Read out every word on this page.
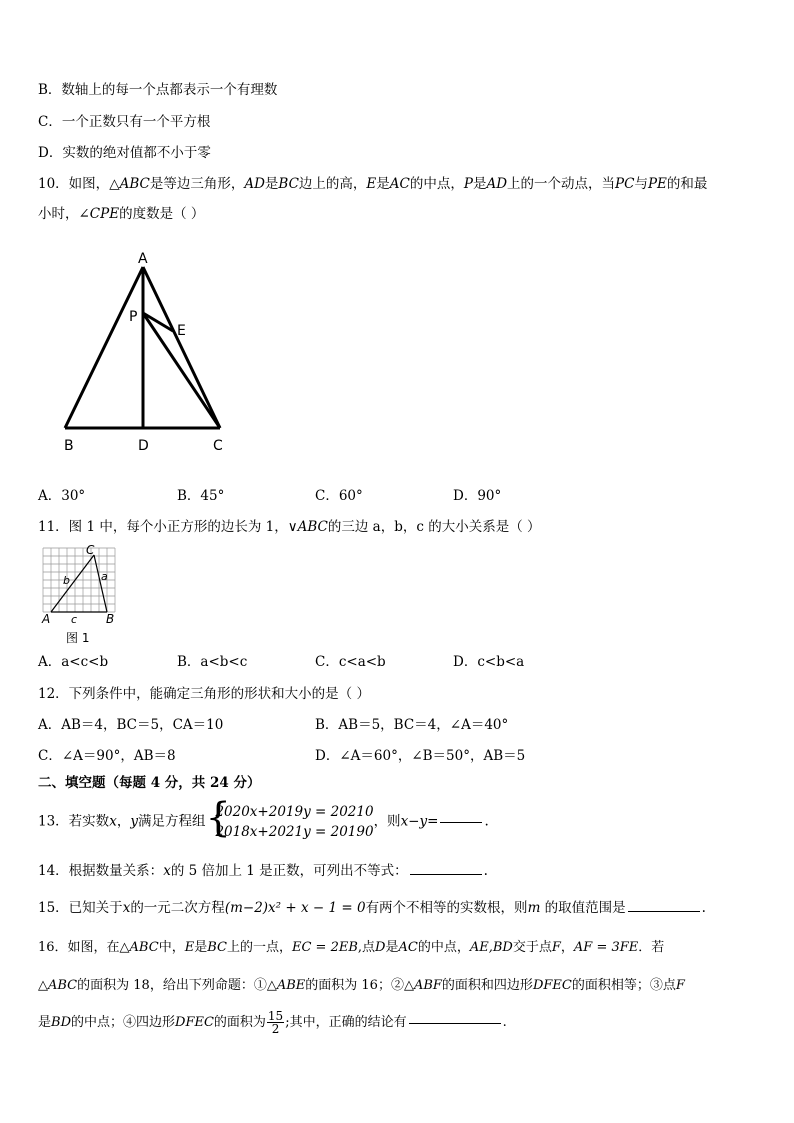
B．数轴上的每一个点都表示一个有理数
C．一个正数只有一个平方根
D．实数的绝对值都不小于零
10．如图，△ABC是等边三角形，AD是BC边上的高，E是AC的中点，P是AD上的一个动点，当PC与PE的和最
小时，∠CPE的度数是（ ）
A
P
E
B	D	C
A．30°	B．45°	C．60°	D．90°
11．图 1 中，每个小正方形的边长为 1，∨ABC的三边 a，b，c 的大小关系是（ ）
C
b	a
A c B
图 1
A．a<c<b	B．a<b<c	C．c<a<b	D．c<b<a
12．下列条件中，能确定三角形的形状和大小的是（ ）
A．AB＝4，BC＝5，CA＝10	B．AB＝5，BC＝4，∠A＝40°
C．∠A＝90°，AB＝8	D．∠A＝60°，∠B＝50°，AB＝5
二、填空题（每题 4 分，共 24 分）
13．若实数x，y满足方程组 {
2020x+2019y = 20210
2018x+2021y = 20190
，则x−y=	.
14．根据数量关系：x的 5 倍加上 1 是正数，可列出不等式：	.
15．已知关于x的一元二次方程(m−2)x² + x − 1 = 0有两个不相等的实数根，则m 的取值范围是	.
16．如图，在△ABC中，E是BC上的一点，EC = 2EB,点D是AC的中点，AE,BD交于点F，AF = 3FE．若
△ABC的面积为 18，给出下列命题：①△ABE的面积为 16；②△ABF的面积和四边形DFEC的面积相等；③点F
是BD的中点；④四边形DFEC的面积为 $\frac{15}{2}$ ;其中，正确的结论有	.
